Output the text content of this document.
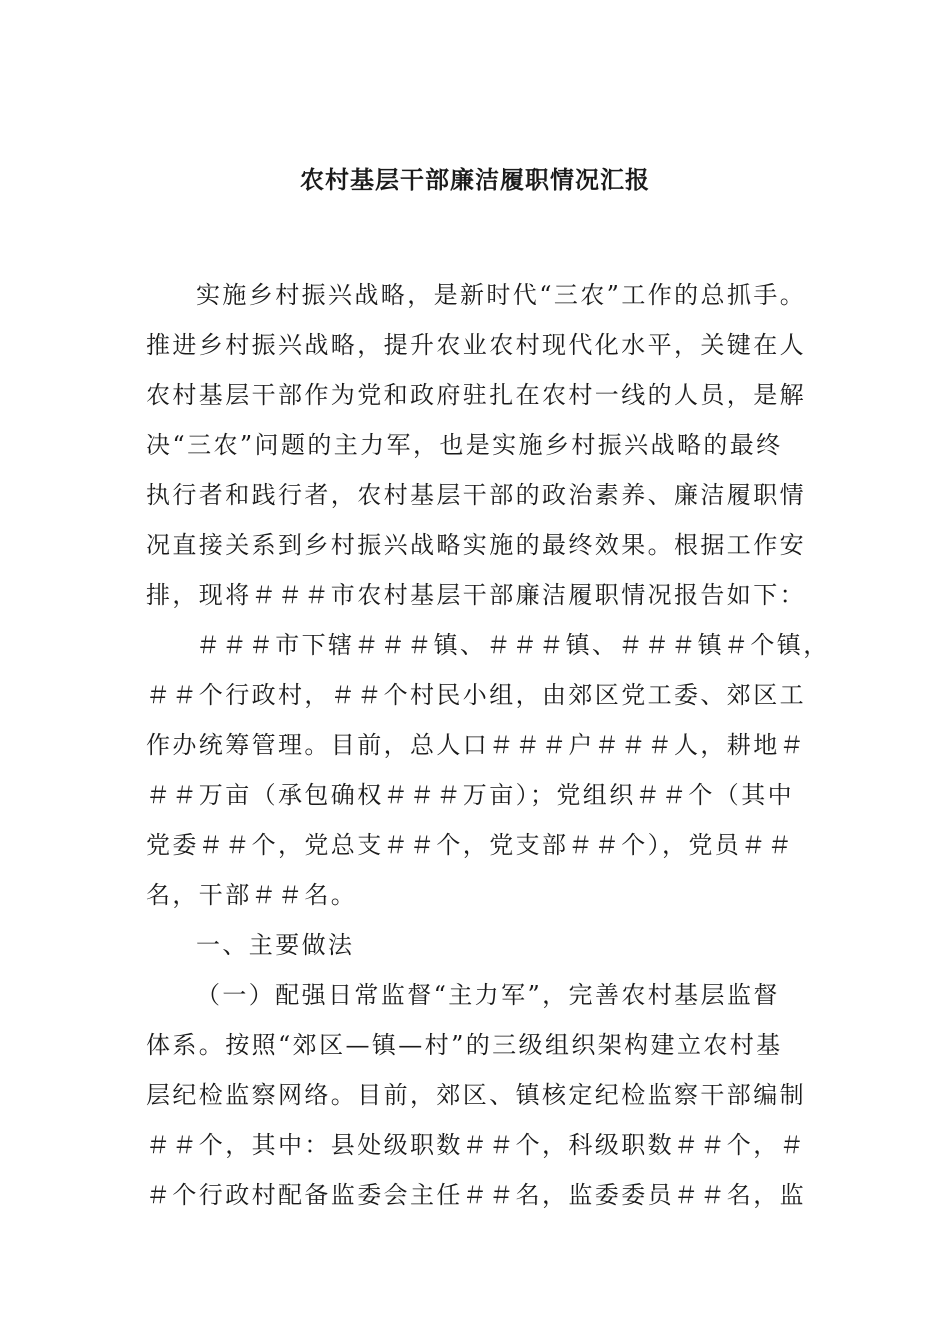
农村基层干部廉洁履职情况汇报
实施乡村振兴战略，是新时代“三农”工作的总抓手。
推进乡村振兴战略，提升农业农村现代化水平，关键在人
农村基层干部作为党和政府驻扎在农村一线的人员，是解
决“三农”问题的主力军，也是实施乡村振兴战略的最终
执行者和践行者，农村基层干部的政治素养、廉洁履职情
况直接关系到乡村振兴战略实施的最终效果。根据工作安
排，现将＃＃＃市农村基层干部廉洁履职情况报告如下：
＃＃＃市下辖＃＃＃镇、＃＃＃镇、＃＃＃镇＃个镇，
＃＃个行政村，＃＃个村民小组，由郊区党工委、郊区工
作办统筹管理。目前，总人口＃＃＃户＃＃＃人，耕地＃
＃＃万亩（承包确权＃＃＃万亩）；党组织＃＃个（其中
党委＃＃个，党总支＃＃个，党支部＃＃个），党员＃＃
名，干部＃＃名。
一、主要做法
（一）配强日常监督“主力军”，完善农村基层监督
体系。按照“郊区—镇—村”的三级组织架构建立农村基
层纪检监察网络。目前，郊区、镇核定纪检监察干部编制
＃＃个，其中：县处级职数＃＃个，科级职数＃＃个，＃
＃个行政村配备监委会主任＃＃名，监委委员＃＃名，监
